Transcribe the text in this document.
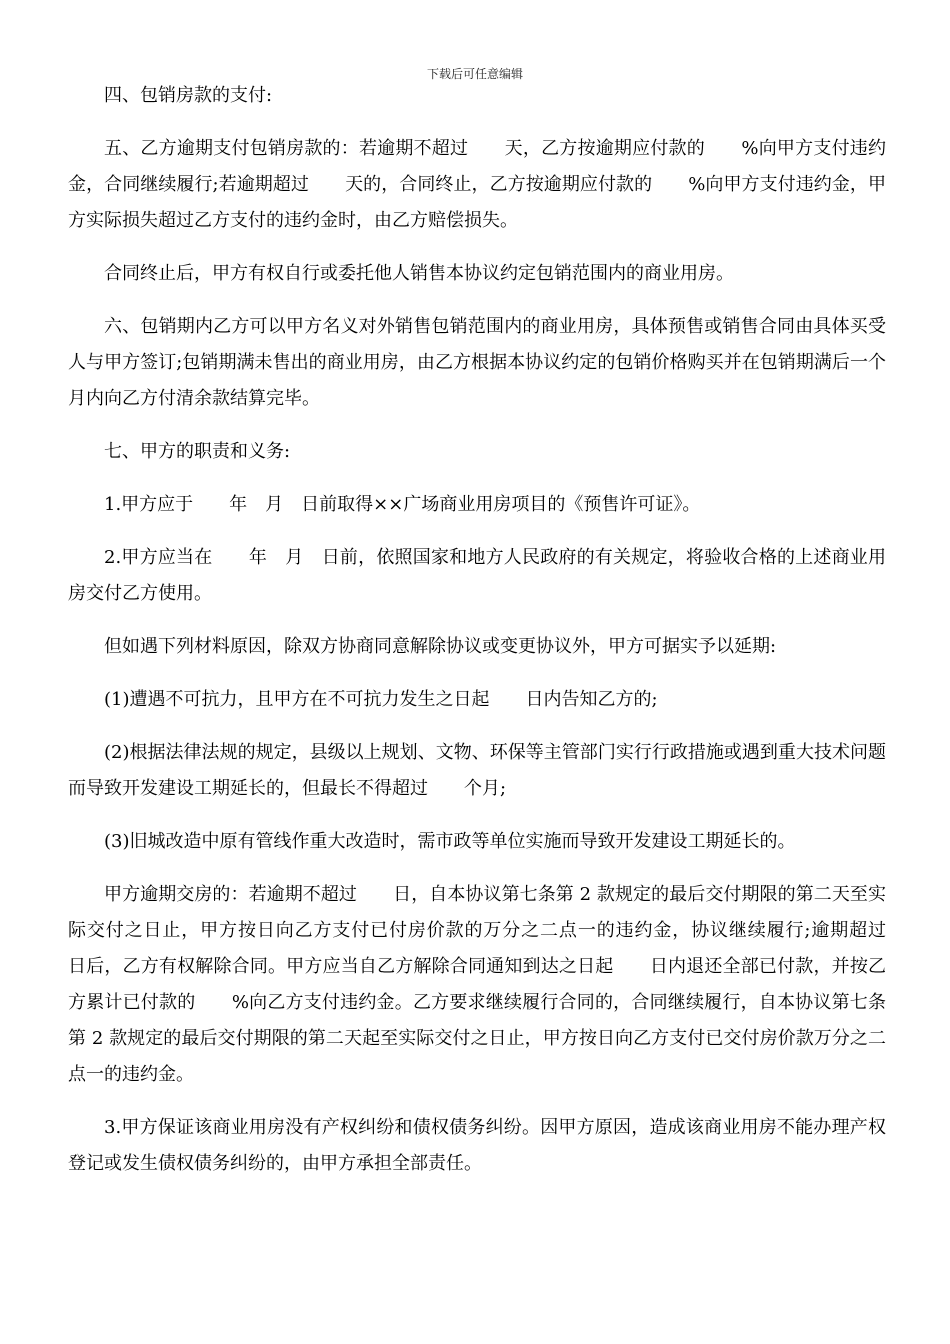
下载后可任意编辑

四、包销房款的支付:

五、乙方逾期支付包销房款的：若逾期不超过　　天，乙方按逾期应付款的　　%向甲方支付违约金，合同继续履行;若逾期超过　　天的，合同终止，乙方按逾期应付款的　　%向甲方支付违约金，甲方实际损失超过乙方支付的违约金时，由乙方赔偿损失。

合同终止后，甲方有权自行或委托他人销售本协议约定包销范围内的商业用房。

六、包销期内乙方可以甲方名义对外销售包销范围内的商业用房，具体预售或销售合同由具体买受人与甲方签订;包销期满未售出的商业用房，由乙方根据本协议约定的包销价格购买并在包销期满后一个月内向乙方付清余款结算完毕。

七、甲方的职责和义务:

1.甲方应于　　年　月　日前取得××广场商业用房项目的《预售许可证》。

2.甲方应当在　　年　月　日前，依照国家和地方人民政府的有关规定，将验收合格的上述商业用房交付乙方使用。

但如遇下列材料原因，除双方协商同意解除协议或变更协议外，甲方可据实予以延期:

(1)遭遇不可抗力，且甲方在不可抗力发生之日起　　日内告知乙方的;

(2)根据法律法规的规定，县级以上规划、文物、环保等主管部门实行行政措施或遇到重大技术问题而导致开发建设工期延长的，但最长不得超过　　个月;

(3)旧城改造中原有管线作重大改造时，需市政等单位实施而导致开发建设工期延长的。

甲方逾期交房的：若逾期不超过　　日，自本协议第七条第 2 款规定的最后交付期限的第二天至实际交付之日止，甲方按日向乙方支付已付房价款的万分之二点一的违约金，协议继续履行;逾期超过　　日后，乙方有权解除合同。甲方应当自乙方解除合同通知到达之日起　　日内退还全部已付款，并按乙方累计已付款的　　%向乙方支付违约金。乙方要求继续履行合同的，合同继续履行，自本协议第七条第 2 款规定的最后交付期限的第二天起至实际交付之日止，甲方按日向乙方支付已交付房价款万分之二点一的违约金。

3.甲方保证该商业用房没有产权纠纷和债权债务纠纷。因甲方原因，造成该商业用房不能办理产权登记或发生债权债务纠纷的，由甲方承担全部责任。
